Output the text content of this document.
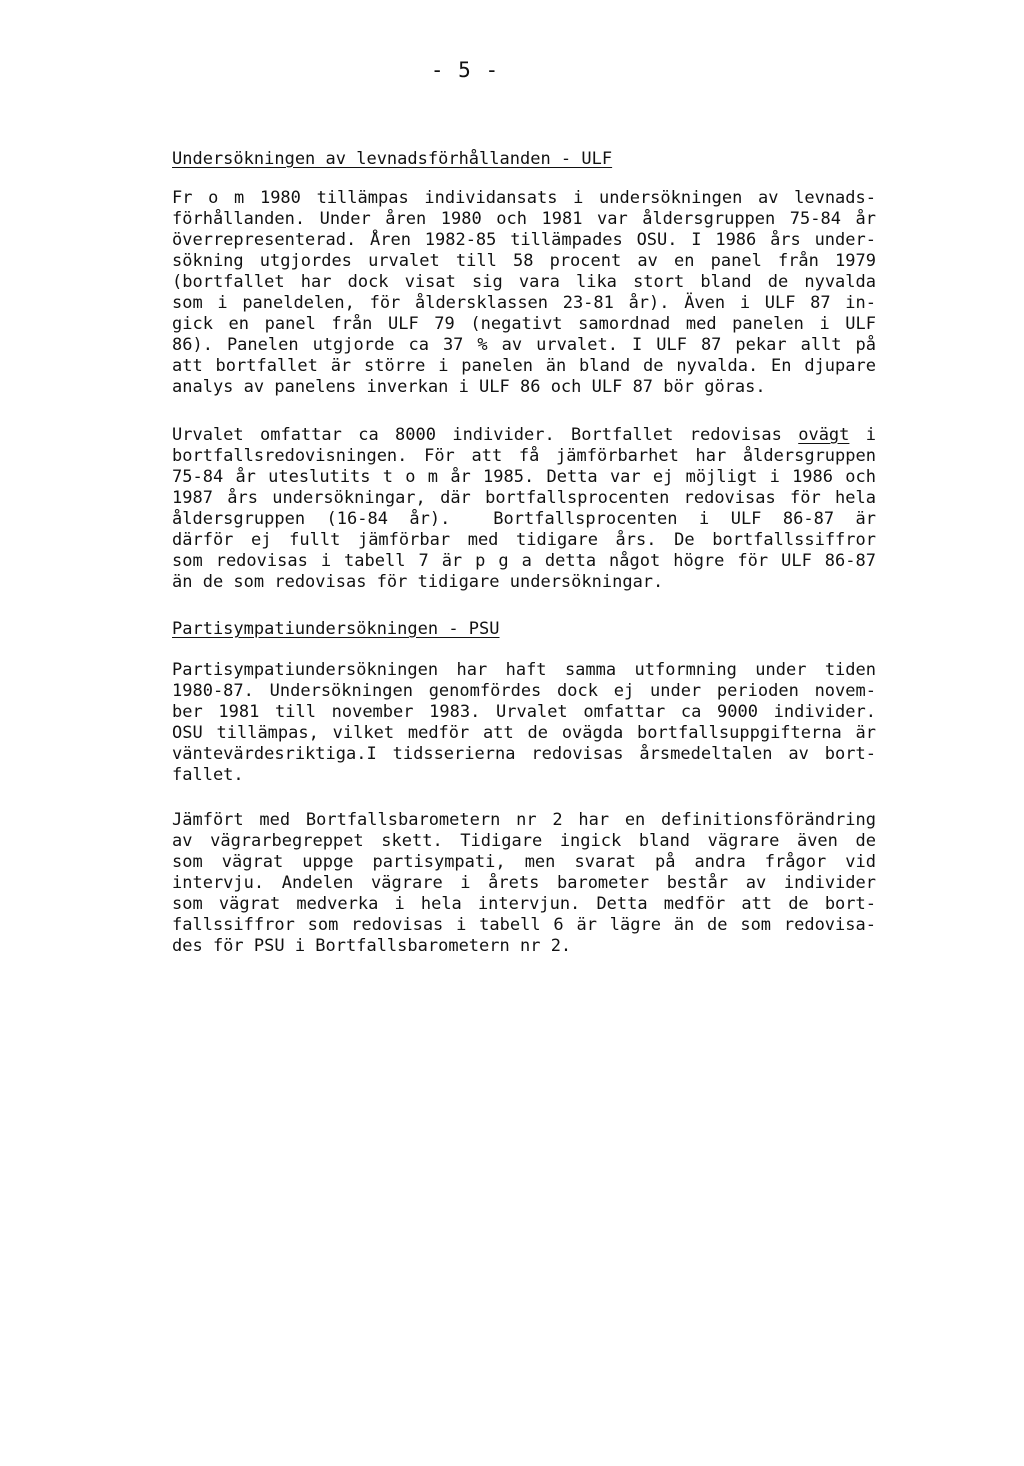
- 5 -
Undersökningen av levnadsförhållanden - ULF
Fr o m 1980 tillämpas individansats i undersökningen av levnads-
förhållanden. Under åren 1980 och 1981 var åldersgruppen 75-84 år
överrepresenterad. Åren 1982-85 tillämpades OSU. I 1986 års under-
sökning utgjordes urvalet till 58 procent av en panel från 1979
(bortfallet har dock visat sig vara lika stort bland de nyvalda
som i paneldelen, för åldersklassen 23-81 år). Även i ULF 87 in-
gick en panel från ULF 79 (negativt samordnad med panelen i ULF
86). Panelen utgjorde ca 37 % av urvalet. I ULF 87 pekar allt på
att bortfallet är större i panelen än bland de nyvalda. En djupare
analys av panelens inverkan i ULF 86 och ULF 87 bör göras.
Urvalet omfattar ca 8000 individer. Bortfallet redovisas ovägt i
bortfallsredovisningen. För att få jämförbarhet har åldersgruppen
75-84 år uteslutits t o m år 1985. Detta var ej möjligt i 1986 och
1987 års undersökningar, där bortfallsprocenten redovisas för hela
åldersgruppen (16-84 år).  Bortfallsprocenten i ULF 86-87 är
därför ej fullt jämförbar med tidigare års. De bortfallssiffror
som redovisas i tabell 7 är p g a detta något högre för ULF 86-87
än de som redovisas för tidigare undersökningar.
Partisympatiundersökningen - PSU
Partisympatiundersökningen har haft samma utformning under tiden
1980-87. Undersökningen genomfördes dock ej under perioden novem-
ber 1981 till november 1983. Urvalet omfattar ca 9000 individer.
OSU tillämpas, vilket medför att de ovägda bortfallsuppgifterna är
väntevärdesriktiga.I tidsserierna redovisas årsmedeltalen av bort-
fallet.
Jämfört med Bortfallsbarometern nr 2 har en definitionsförändring
av vägrarbegreppet skett. Tidigare ingick bland vägrare även de
som vägrat uppge partisympati, men svarat på andra frågor vid
intervju. Andelen vägrare i årets barometer består av individer
som vägrat medverka i hela intervjun. Detta medför att de bort-
fallssiffror som redovisas i tabell 6 är lägre än de som redovisa-
des för PSU i Bortfallsbarometern nr 2.
